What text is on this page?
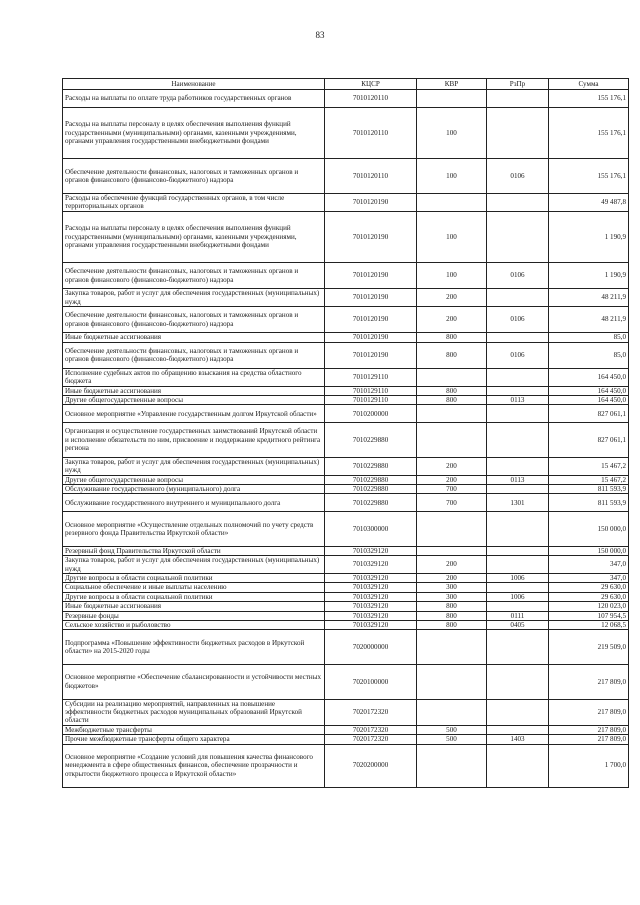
83
Наименование	КЦСР	КВР	РзПр	Сумма
Расходы на выплаты по оплате труда работников государственных органов	7010120110			155 176,1
Расходы на выплаты персоналу в целях обеспечения выполнения функций государственными (муниципальными) органами, казенными учреждениями, органами управления государственными внебюджетными фондами	7010120110	100		155 176,1
Обеспечение деятельности финансовых, налоговых и таможенных органов и органов финансового (финансово-бюджетного) надзора	7010120110	100	0106	155 176,1
Расходы на обеспечение функций государственных органов, в том числе территориальных органов	7010120190			49 487,8
Расходы на выплаты персоналу в целях обеспечения выполнения функций государственными (муниципальными) органами, казенными учреждениями, органами управления государственными внебюджетными фондами	7010120190	100		1 190,9
Обеспечение деятельности финансовых, налоговых и таможенных органов и органов финансового (финансово-бюджетного) надзора	7010120190	100	0106	1 190,9
Закупка товаров, работ и услуг для обеспечения государственных (муниципальных) нужд	7010120190	200		48 211,9
Обеспечение деятельности финансовых, налоговых и таможенных органов и органов финансового (финансово-бюджетного) надзора	7010120190	200	0106	48 211,9
Иные бюджетные ассигнования	7010120190	800		85,0
Обеспечение деятельности финансовых, налоговых и таможенных органов и органов финансового (финансово-бюджетного) надзора	7010120190	800	0106	85,0
Исполнение судебных актов по обращению взыскания на средства областного бюджета	7010129110			164 450,0
Иные бюджетные ассигнования	7010129110	800		164 450,0
Другие общегосударственные вопросы	7010129110	800	0113	164 450,0
Основное мероприятие «Управление государственным долгом Иркутской области»	7010200000			827 061,1
Организация и осуществление государственных заимствований Иркутской области и исполнение обязательств по ним, присвоение и поддержание кредитного рейтинга региона	7010229880			827 061,1
Закупка товаров, работ и услуг для обеспечения государственных (муниципальных) нужд	7010229880	200		15 467,2
Другие общегосударственные вопросы	7010229880	200	0113	15 467,2
Обслуживание государственного (муниципального) долга	7010229880	700		811 593,9
Обслуживание государственного внутреннего и муниципального долга	7010229880	700	1301	811 593,9
Основное мероприятие «Осуществление отдельных полномочий по учету средств резервного фонда Правительства Иркутской области»	7010300000			150 000,0
Резервный фонд Правительства Иркутской области	7010329120			150 000,0
Закупка товаров, работ и услуг для обеспечения государственных (муниципальных) нужд	7010329120	200		347,0
Другие вопросы в области социальной политики	7010329120	200	1006	347,0
Социальное обеспечение и иные выплаты населению	7010329120	300		29 630,0
Другие вопросы в области социальной политики	7010329120	300	1006	29 630,0
Иные бюджетные ассигнования	7010329120	800		120 023,0
Резервные фонды	7010329120	800	0111	107 954,5
Сельское хозяйство и рыболовство	7010329120	800	0405	12 068,5
Подпрограмма «Повышение эффективности бюджетных расходов в Иркутской области» на 2015-2020 годы	7020000000			219 509,0
Основное мероприятие «Обеспечение сбалансированности и устойчивости местных бюджетов»	7020100000			217 809,0
Субсидии на реализацию мероприятий, направленных на повышение эффективности бюджетных расходов муниципальных образований Иркутской области	7020172320			217 809,0
Межбюджетные трансферты	7020172320	500		217 809,0
Прочие межбюджетные трансферты общего характера	7020172320	500	1403	217 809,0
Основное мероприятие «Создание условий для повышения качества финансового менеджмента в сфере общественных финансов, обеспечение прозрачности и открытости бюджетного процесса в Иркутской области»	7020200000			1 700,0
